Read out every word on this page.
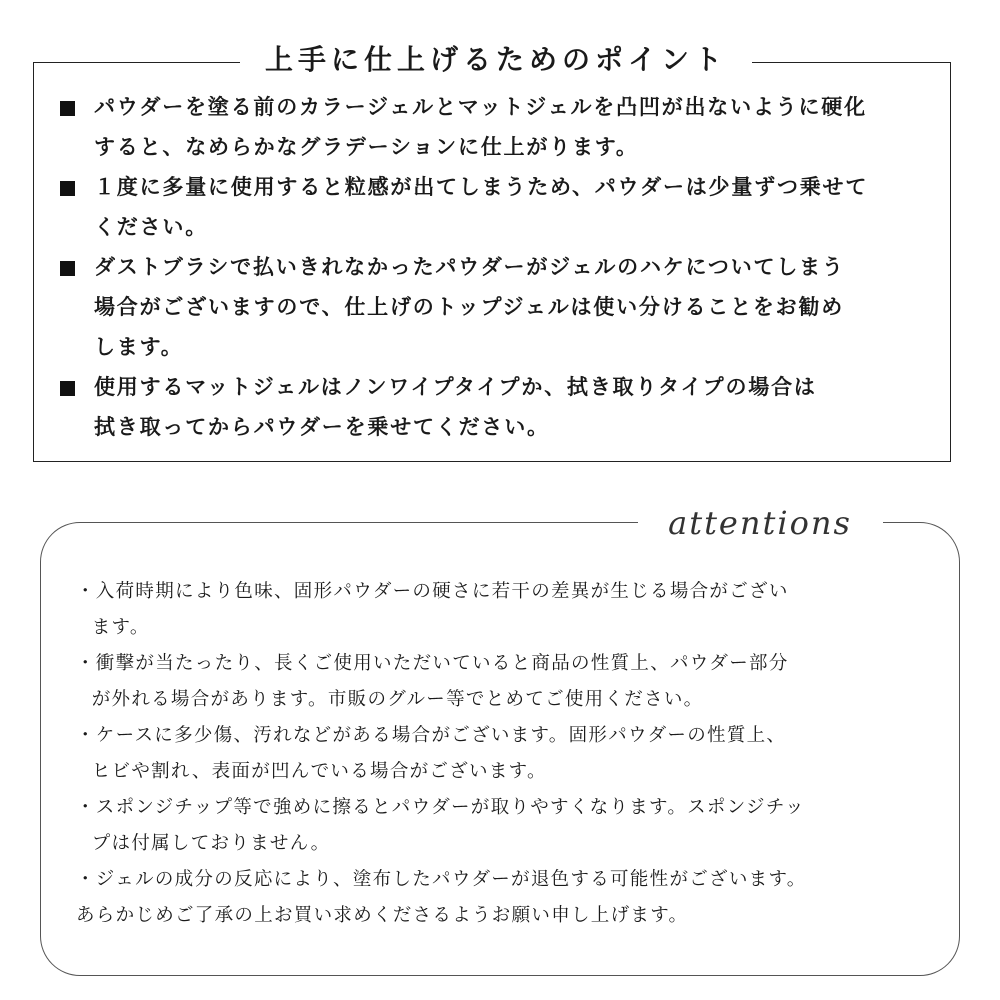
上手に仕上げるためのポイント
パウダーを塗る前のカラージェルとマットジェルを凸凹が出ないように硬化
すると、なめらかなグラデーションに仕上がります。
１度に多量に使用すると粒感が出てしまうため、パウダーは少量ずつ乗せて
ください。
ダストブラシで払いきれなかったパウダーがジェルのハケについてしまう
場合がございますので、仕上げのトップジェルは使い分けることをお勧め
します。
使用するマットジェルはノンワイプタイプか、拭き取りタイプの場合は
拭き取ってからパウダーを乗せてください。
attentions
・入荷時期により色味、固形パウダーの硬さに若干の差異が生じる場合がござい
ます。
・衝撃が当たったり、長くご使用いただいていると商品の性質上、パウダー部分
が外れる場合があります。市販のグルー等でとめてご使用ください。
・ケースに多少傷、汚れなどがある場合がございます。固形パウダーの性質上、
ヒビや割れ、表面が凹んでいる場合がございます。
・スポンジチップ等で強めに擦るとパウダーが取りやすくなります。スポンジチッ
プは付属しておりません。
・ジェルの成分の反応により、塗布したパウダーが退色する可能性がございます。
あらかじめご了承の上お買い求めくださるようお願い申し上げます。
